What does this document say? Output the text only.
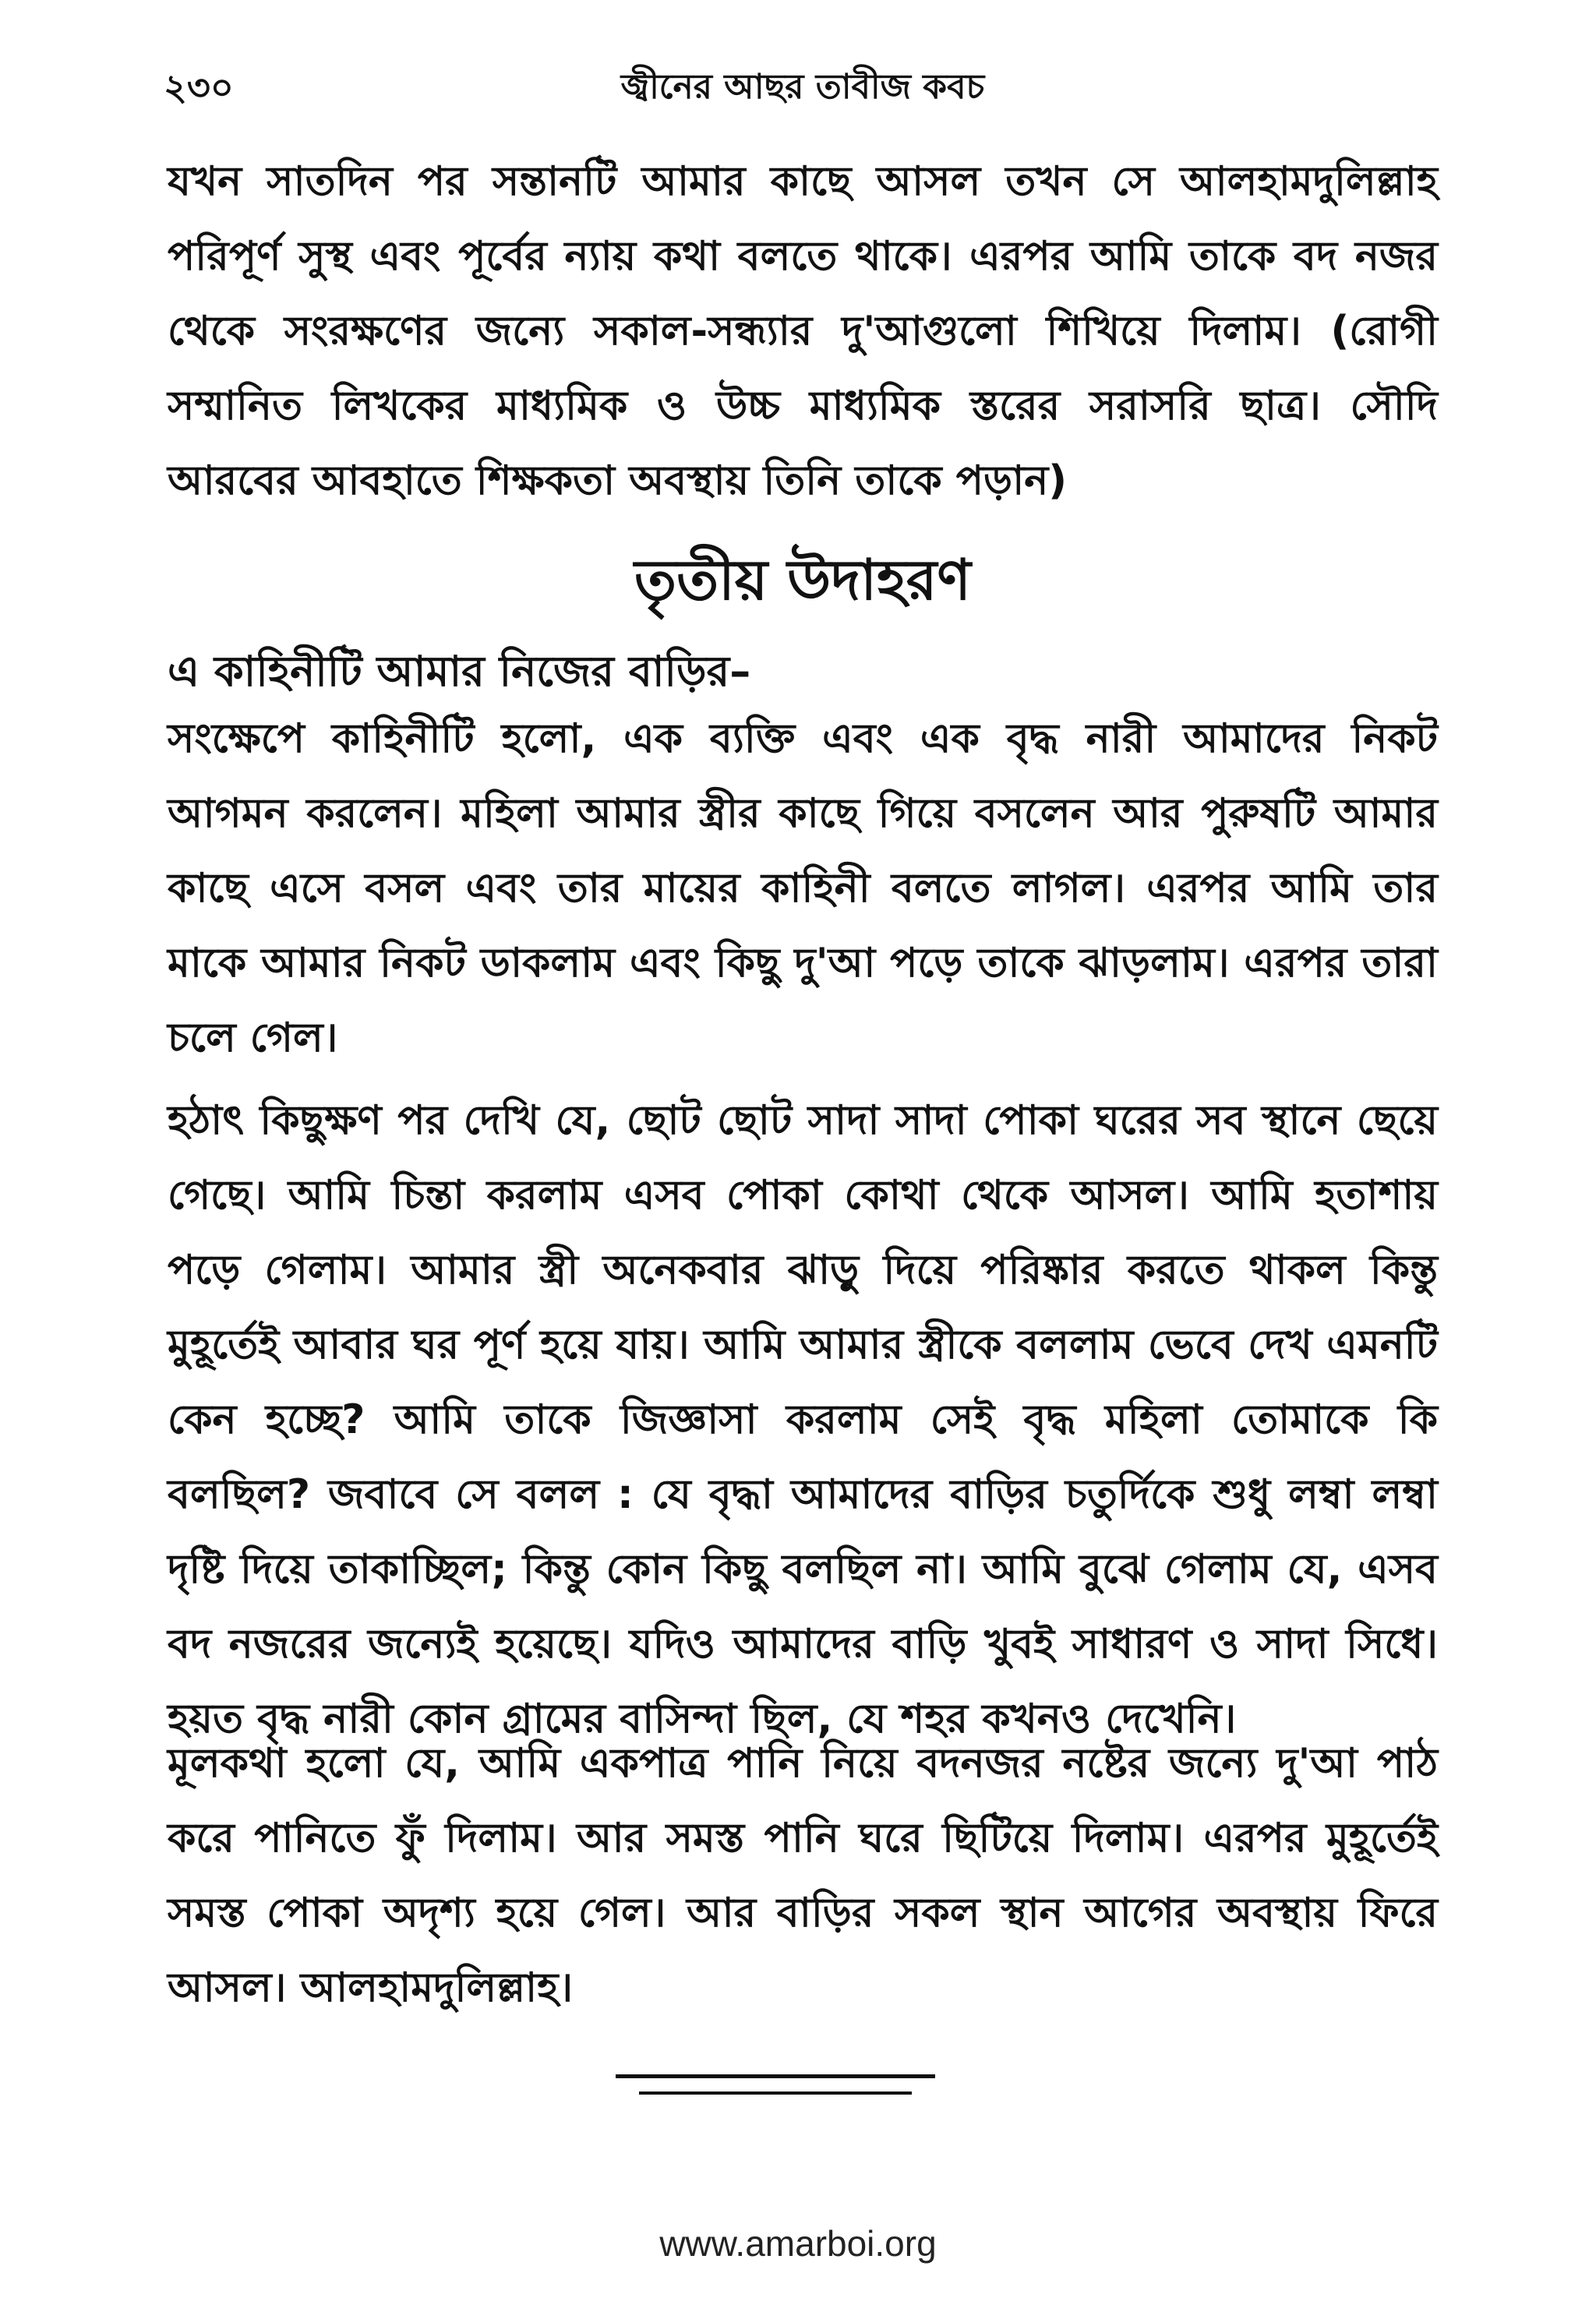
২৩০	জ্বীনের আছর তাবীজ কবচ

যখন সাতদিন পর সন্তানটি আমার কাছে আসল তখন সে আলহামদুলিল্লাহ পরিপূর্ণ সুস্থ এবং পূর্বের ন্যায় কথা বলতে থাকে। এরপর আমি তাকে বদ নজর থেকে সংরক্ষণের জন্যে সকাল-সন্ধ্যার দু'আগুলো শিখিয়ে দিলাম। (রোগী সম্মানিত লিখকের মাধ্যমিক ও উচ্চ মাধ্যমিক স্তরের সরাসরি ছাত্র। সৌদি আরবের আবহাতে শিক্ষকতা অবস্থায় তিনি তাকে পড়ান)

তৃতীয় উদাহরণ
এ কাহিনীটি আমার নিজের বাড়ির–

সংক্ষেপে কাহিনীটি হলো, এক ব্যক্তি এবং এক বৃদ্ধ নারী আমাদের নিকট আগমন করলেন। মহিলা আমার স্ত্রীর কাছে গিয়ে বসলেন আর পুরুষটি আমার কাছে এসে বসল এবং তার মায়ের কাহিনী বলতে লাগল। এরপর আমি তার মাকে আমার নিকট ডাকলাম এবং কিছু দু'আ পড়ে তাকে ঝাড়লাম। এরপর তারা চলে গেল।

হঠাৎ কিছুক্ষণ পর দেখি যে, ছোট ছোট সাদা সাদা পোকা ঘরের সব স্থানে ছেয়ে গেছে। আমি চিন্তা করলাম এসব পোকা কোথা থেকে আসল। আমি হতাশায় পড়ে গেলাম। আমার স্ত্রী অনেকবার ঝাড়ু দিয়ে পরিষ্কার করতে থাকল কিন্তু মুহূর্তেই আবার ঘর পূর্ণ হয়ে যায়। আমি আমার স্ত্রীকে বললাম ভেবে দেখ এমনটি কেন হচ্ছে? আমি তাকে জিজ্ঞাসা করলাম সেই বৃদ্ধ মহিলা তোমাকে কি বলছিল? জবাবে সে বলল : যে বৃদ্ধা আমাদের বাড়ির চতুর্দিকে শুধু লম্বা লম্বা দৃষ্টি দিয়ে তাকাচ্ছিল; কিন্তু কোন কিছু বলছিল না। আমি বুঝে গেলাম যে, এসব বদ নজরের জন্যেই হয়েছে। যদিও আমাদের বাড়ি খুবই সাধারণ ও সাদা সিধে। হয়ত বৃদ্ধ নারী কোন গ্রামের বাসিন্দা ছিল, যে শহর কখনও দেখেনি।

মূলকথা হলো যে, আমি একপাত্র পানি নিয়ে বদনজর নষ্টের জন্যে দু'আ পাঠ করে পানিতে ফুঁ দিলাম। আর সমস্ত পানি ঘরে ছিটিয়ে দিলাম। এরপর মুহূর্তেই সমস্ত পোকা অদৃশ্য হয়ে গেল। আর বাড়ির সকল স্থান আগের অবস্থায় ফিরে আসল। আলহামদুলিল্লাহ।

www.amarboi.org
